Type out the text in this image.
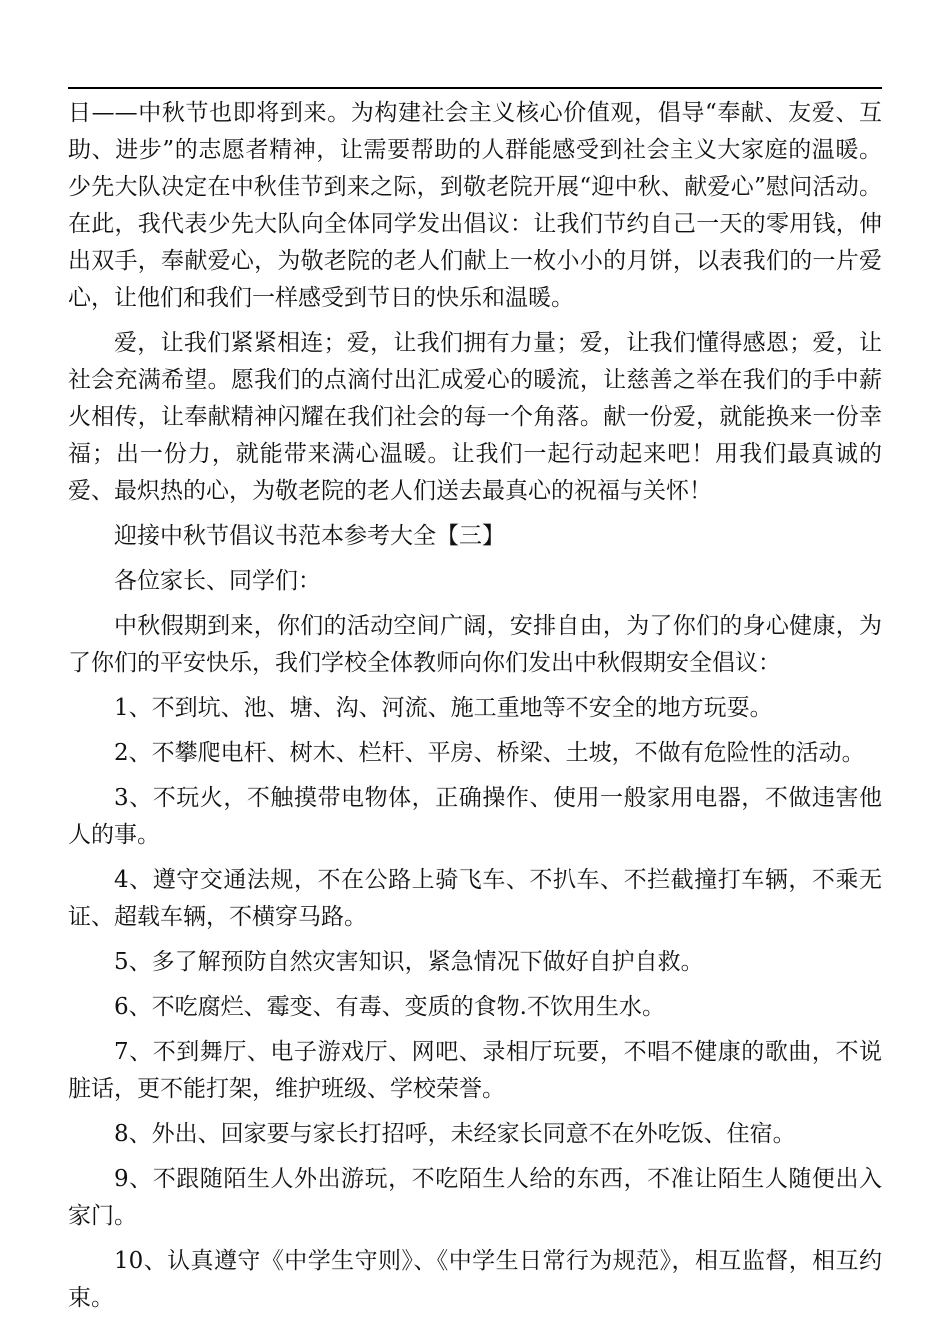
日——中秋节也即将到来。为构建社会主义核心价值观，倡导“奉献、友爱、互助、进步”的志愿者精神，让需要帮助的人群能感受到社会主义大家庭的温暖。少先大队决定在中秋佳节到来之际，到敬老院开展“迎中秋、献爱心”慰问活动。 在此，我代表少先大队向全体同学发出倡议：让我们节约自己一天的零用钱，伸出双手，奉献爱心，为敬老院的老人们献上一枚小小的月饼，以表我们的一片爱心，让他们和我们一样感受到节日的快乐和温暖。

爱，让我们紧紧相连；爱，让我们拥有力量；爱，让我们懂得感恩；爱，让社会充满希望。愿我们的点滴付出汇成爱心的暖流，让慈善之举在我们的手中薪火相传，让奉献精神闪耀在我们社会的每一个角落。献一份爱，就能换来一份幸福；出一份力，就能带来满心温暖。让我们一起行动起来吧！用我们最真诚的爱、最炽热的心，为敬老院的老人们送去最真心的祝福与关怀！

迎接中秋节倡议书范本参考大全【三】

各位家长、同学们：

中秋假期到来，你们的活动空间广阔，安排自由，为了你们的身心健康，为了你们的平安快乐，我们学校全体教师向你们发出中秋假期安全倡议：

1、不到坑、池、塘、沟、河流、施工重地等不安全的地方玩耍。

2、不攀爬电杆、树木、栏杆、平房、桥梁、土坡，不做有危险性的活动。

3、不玩火，不触摸带电物体，正确操作、使用一般家用电器，不做违害他人的事。

4、遵守交通法规，不在公路上骑飞车、不扒车、不拦截撞打车辆，不乘无证、超载车辆，不横穿马路。

5、多了解预防自然灾害知识，紧急情况下做好自护自救。

6、不吃腐烂、霉变、有毒、变质的食物.不饮用生水。

7、不到舞厅、电子游戏厅、网吧、录相厅玩要，不唱不健康的歌曲，不说脏话，更不能打架，维护班级、学校荣誉。

8、外出、回家要与家长打招呼，未经家长同意不在外吃饭、住宿。

9、不跟随陌生人外出游玩，不吃陌生人给的东西，不准让陌生人随便出入家门。

10、认真遵守《中学生守则》、《中学生日常行为规范》，相互监督，相互约束。
